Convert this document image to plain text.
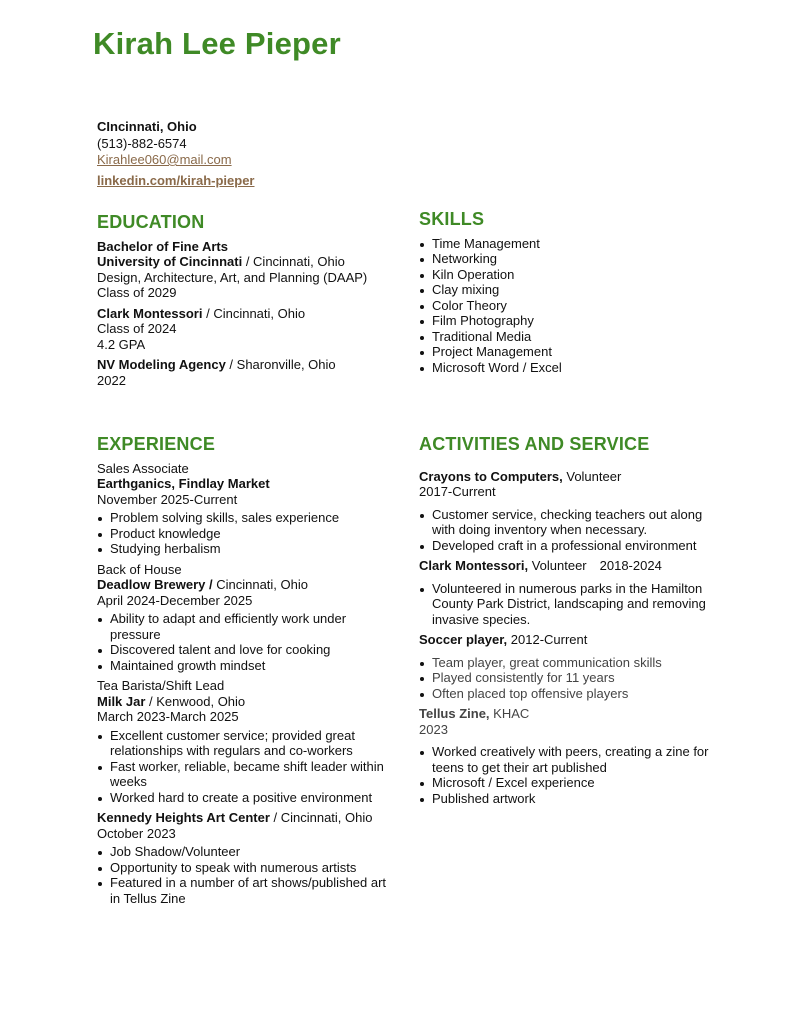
Kirah Lee Pieper
CIncinnati, Ohio
(513)-882-6574
Kirahlee060@mail.com
linkedin.com/kirah-pieper
EDUCATION
Bachelor of Fine Arts
University of Cincinnati / Cincinnati, Ohio
Design, Architecture, Art, and Planning (DAAP)
Class of 2029
Clark Montessori / Cincinnati, Ohio
Class of 2024
4.2 GPA
NV Modeling Agency / Sharonville, Ohio
2022
SKILLS
Time Management
Networking
Kiln Operation
Clay mixing
Color Theory
Film Photography
Traditional Media
Project Management
Microsoft Word / Excel
EXPERIENCE
Sales Associate
Earthganics, Findlay Market
November 2025-Current
Problem solving skills, sales experience
Product knowledge
Studying herbalism
Back of House
Deadlow Brewery / Cincinnati, Ohio
April 2024-December 2025
Ability to adapt and efficiently work under pressure
Discovered talent and love for cooking
Maintained growth mindset
Tea Barista/Shift Lead
Milk Jar / Kenwood, Ohio
March 2023-March 2025
Excellent customer service; provided great relationships with regulars and co-workers
Fast worker, reliable, became shift leader within weeks
Worked hard to create a positive environment
Kennedy Heights Art Center / Cincinnati, Ohio
October 2023
Job Shadow/Volunteer
Opportunity to speak with numerous artists
Featured in a number of art shows/published art in Tellus Zine
ACTIVITIES AND SERVICE
Crayons to Computers, Volunteer
2017-Current
Customer service, checking teachers out along with doing inventory when necessary.
Developed craft in a professional environment
Clark Montessori, Volunteer 2018-2024
Volunteered in numerous parks in the Hamilton County Park District, landscaping and removing invasive species.
Soccer player, 2012-Current
Team player, great communication skills
Played consistently for 11 years
Often placed top offensive players
Tellus Zine, KHAC
2023
Worked creatively with peers, creating a zine for teens to get their art published
Microsoft / Excel experience
Published artwork
